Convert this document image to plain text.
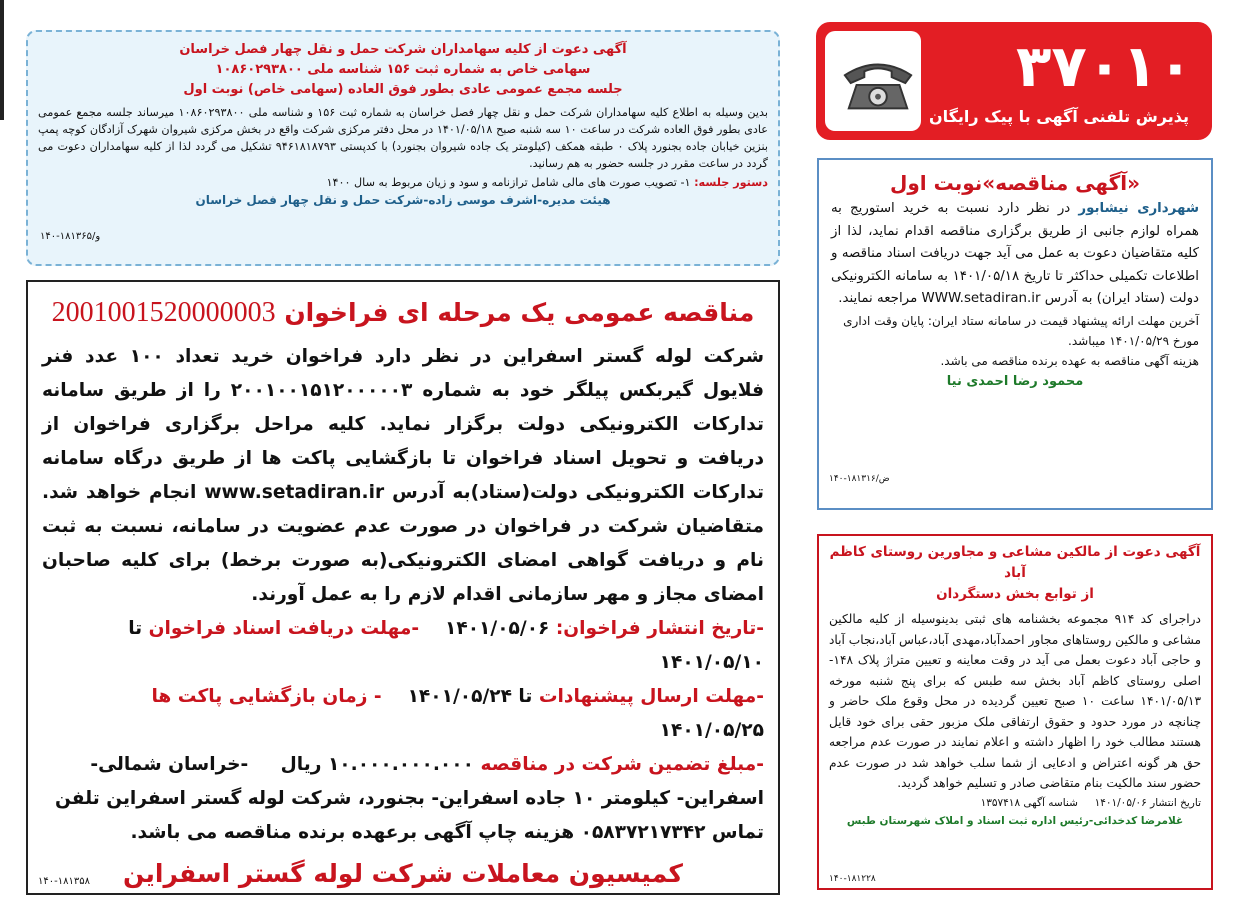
آگهی دعوت از کلیه سهامداران شرکت حمل و نقل چهار فصل خراسان
سهامی خاص به شماره ثبت ۱۵۶ شناسه ملی ۱۰۸۶۰۲۹۳۸۰۰
جلسه مجمع عمومی عادی بطور فوق العاده (سهامی خاص) نوبت اول

بدین وسیله به اطلاع کلیه سهامداران شرکت حمل و نقل چهار فصل خراسان به شماره ثبت ۱۵۶ و شناسه ملی ۱۰۸۶۰۲۹۳۸۰۰ میرساند جلسه مجمع عمومی عادی بطور فوق العاده شرکت در ساعت ۱۰ سه شنبه صبح ۱۴۰۱/۰۵/۱۸ در محل دفتر مرکزی شرکت واقع در بخش مرکزی شیروان شهرک آزادگان کوچه پمپ بنزین خیابان جاده بجنورد پلاک ۰ طبقه همکف (کیلومتر یک جاده شیروان بجنورد) با کدپستی ۹۴۶۱۸۱۸۷۹۳ تشکیل می گردد لذا از کلیه سهامداران دعوت می گردد در ساعت مقرر در جلسه حضور به هم رسانید.

دستور جلسه: ۱- تصویب صورت های مالی شامل ترازنامه و سود و زیان مربوط به سال ۱۴۰۰
هیئت مدیره-اشرف موسی زاده-شرکت حمل و نقل چهار فصل خراسان
۱۴۰-۱۸۱۳۶۵/و
۳۷۰۱۰
پذیرش تلفنی آگهی با پیک رایگان
«آگهی مناقصه»نوبت اول

شهرداری نیشابور در نظر دارد نسبت به خرید استوریج به همراه لوازم جانبی از طریق برگزاری مناقصه اقدام نماید، لذا از کلیه متقاضیان دعوت به عمل می آید جهت دریافت اسناد مناقصه و اطلاعات تکمیلی حداکثر تا تاریخ ۱۴۰۱/۰۵/۱۸ به سامانه الکترونیکی دولت (ستاد ایران) به آدرس WWW.setadiran.ir مراجعه نمایند.

آخرین مهلت ارائه پیشنهاد قیمت در سامانه ستاد ایران: پایان وقت اداری مورخ ۱۴۰۱/۰۵/۲۹ میباشد.

هزینه آگهی مناقصه به عهده برنده مناقصه می باشد.

محمود رضا احمدی نیا
۱۴۰-۱۸۱۳۱۶/ض
مناقصه عمومی یک مرحله ای فراخوان 2001001520000003

شرکت لوله گستر اسفراین در نظر دارد فراخوان خرید تعداد ۱۰۰ عدد فنر فلایول گیربکس پیلگر خود به شماره ۲۰۰۱۰۰۱۵۱۲۰۰۰۰۰۳ را از طریق سامانه تدارکات الکترونیکی دولت برگزار نماید. کلیه مراحل برگزاری فراخوان از دریافت و تحویل اسناد فراخوان تا بازگشایی پاکت ها از طریق درگاه سامانه تدارکات الکترونیکی دولت(ستاد)به آدرس www.setadiran.ir انجام خواهد شد. متقاضیان شرکت در فراخوان در صورت عدم عضویت در سامانه، نسبت به ثبت نام و دریافت گواهی امضای الکترونیکی(به صورت برخط) برای کلیه صاحبان امضای مجاز و مهر سازمانی اقدام لازم را به عمل آورند.

-تاریخ انتشار فراخوان: ۱۴۰۱/۰۵/۰۶    -مهلت دریافت اسناد فراخوان تا ۱۴۰۱/۰۵/۱۰
-مهلت ارسال پیشنهادات تا ۱۴۰۱/۰۵/۲۴    - زمان بازگشایی پاکت ها ۱۴۰۱/۰۵/۲۵
-مبلغ تضمین شرکت در مناقصه ۱۰.۰۰۰.۰۰۰.۰۰۰ ریال     -خراسان شمالی-

اسفراین- کیلومتر ۱۰ جاده اسفراین- بجنورد، شرکت لوله گستر اسفراین تلفن تماس ۰۵۸۳۷۲۱۷۳۴۲ هزینه چاپ آگهی برعهده برنده مناقصه می باشد.

کمیسیون معاملات شرکت لوله گستر اسفراین
۱۴۰-۱۸۱۳۵۸
آگهی دعوت از مالکین مشاعی و مجاورین روستای کاظم آباد
از توابع بخش دستگردان

دراجرای کد ۹۱۴ مجموعه بخشنامه های ثبتی بدینوسیله از کلیه مالکین مشاعی و مالکین روستاهای مجاور احمدآباد،مهدی آباد،عباس آباد،نجاب آباد و حاجی آباد دعوت بعمل می آید در وقت معاینه و تعیین متراژ پلاک ۱۴۸-اصلی روستای کاظم آباد بخش سه طبس که برای پنج شنبه مورخه ۱۴۰۱/۰۵/۱۳ ساعت ۱۰ صبح تعیین گردیده در محل وقوع ملک حاضر و چنانچه در مورد حدود و حقوق ارتفاقی ملک مزبور حقی برای خود قایل هستند مطالب خود را اظهار داشته و اعلام نمایند در صورت عدم مراجعه حق هر گونه اعتراض و ادعایی از شما سلب خواهد شد در صورت عدم حضور سند مالکیت بنام متقاضی صادر و تسلیم خواهد گردید.

تاریخ انتشار ۱۴۰۱/۰۵/۰۶     شناسه آگهی ۱۳۵۷۴۱۸
غلامرضا کدخدائی-رئیس اداره ثبت اسناد و املاک شهرستان طبس
۱۴۰-۱۸۱۲۲۸
